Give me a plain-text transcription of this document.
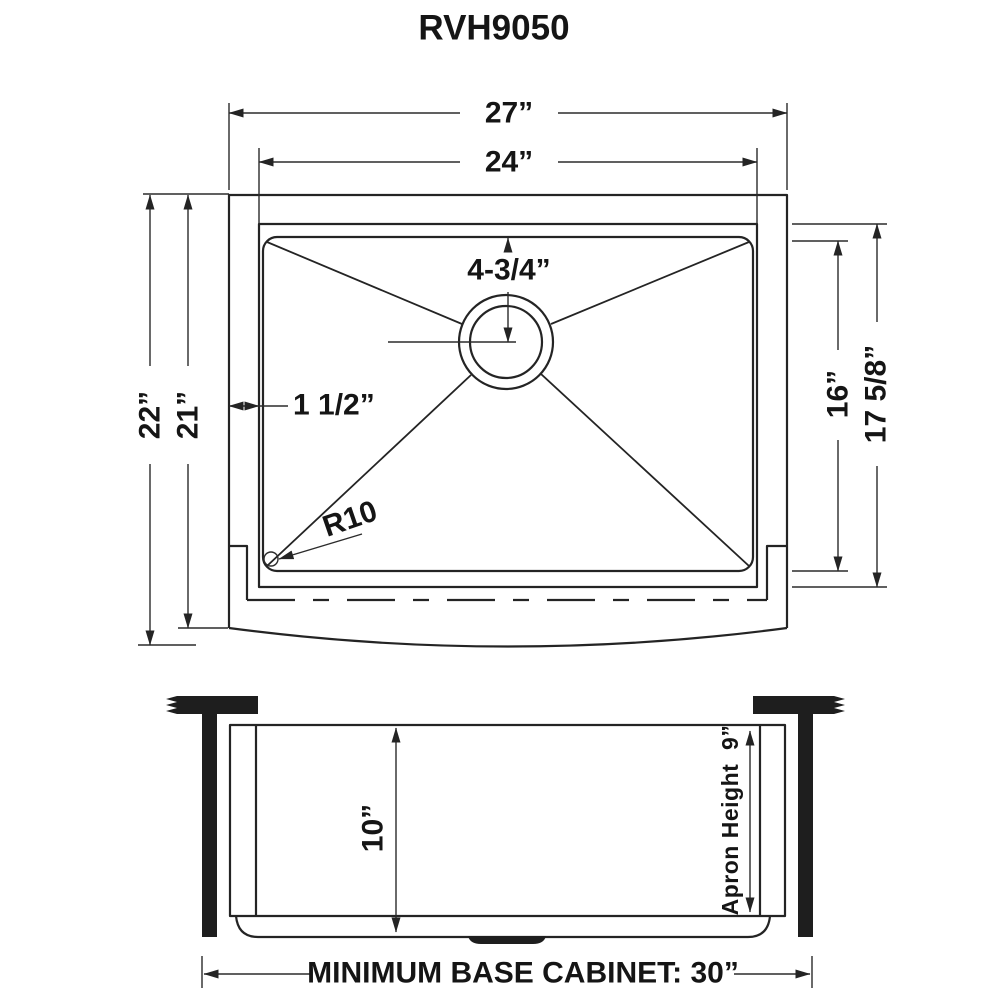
RVH9050
27”
24”
22” 21”	16” 17 5/8”
4-3/4”
1 1/2”
R10
10”	Apron Height  9”
MINIMUM BASE CABINET: 30”
